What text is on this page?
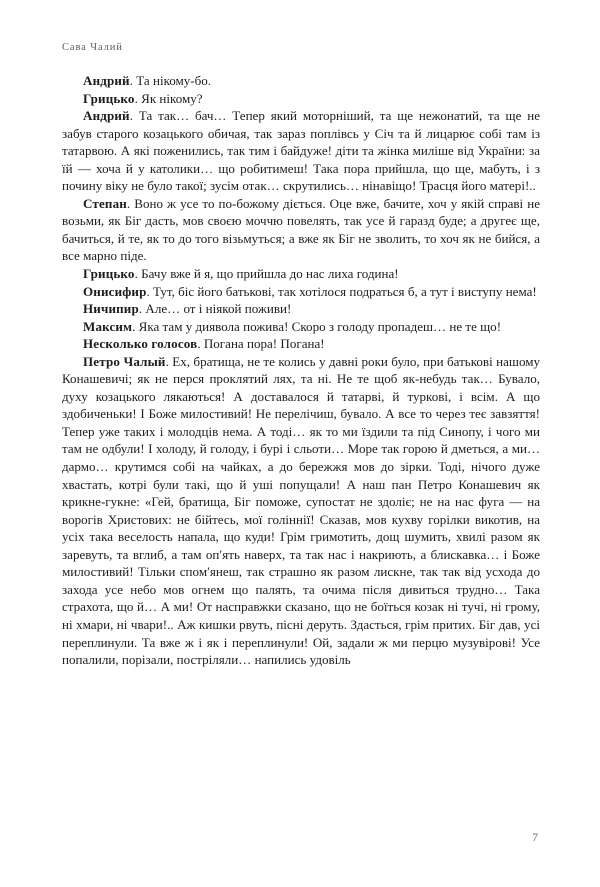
Сава Чалий

Андрий. Та нікому-бо.

Грицько. Як нікому?

Андрий. Та так… бач… Тепер який моторніший, та ще нежонатий, та ще не забув старого козацького обичая, так зараз поплівсь у Січ та й лицарює собі там із татарвою. А які поженились, так тим і байдуже! діти та жінка миліше від України: за їй — хоча й у католики… що робитимеш! Така пора прийшла, що ще, мабуть, і з почину віку не було такої; зусім отак… скрутились… нінавіщо! Трасця його матері!..

Степан. Воно ж усе то по-божому діється. Оце вже, бачите, хоч у якій справі не возьми, як Біг дасть, мов своєю моччю повелять, так усе й гаразд буде; а другеє ще, бачиться, й те, як то до того візьмуться; а вже як Біг не зволить, то хоч як не бийся, а все марно піде.

Грицько. Бачу вже й я, що прийшла до нас лиха година!

Онисифир. Тут, біс його батькові, так хотілося подраться б, а тут і виступу нема!

Ничипир. Але… от і ніякой поживи!

Максим. Яка там у диявола пожива! Скоро з голоду пропадеш… не те що!

Несколько голосов. Погана пора! Погана!

Петро Чалый. Ех, братища, не те колись у давні роки було, при батькові нашому Конашевичі; як не перся проклятий лях, та ні. Не те щоб як-небудь так… Бувало, духу козацького лякаються! А доставалося й татарві, й туркові, і всім. А що здобиченьки! І Боже милостивий! Не перелічиш, бувало. А все то через теє завзяття! Тепер уже таких і молодців нема. А тоді… як то ми їздили та під Синопу, і чого ми там не одбули! І холоду, й голоду, і бурі і сльоти… Море так горою й дметься, а ми… дармо… крутимся собі на чайках, а до бережжя мов до зірки. Тоді, нічого дуже хвастать, котрі були такі, що й уші попущали! А наш пан Петро Конашевич як крикне-гукне: «Гей, братища, Біг поможе, супостат не здоліє; не на нас фуга — на ворогів Христових: не бійтесь, мої голіннії! Сказав, мов кухву горілки викотив, на усіх така веселость напала, що куди! Грім гримотить, дощ шумить, хвилі разом як заревуть, та вглиб, а там оп′ять наверх, та так нас і накриють, а блискавка… і Боже милостивий! Тільки спом′янеш, так страшно як разом лискне, так так від усхода до захода усе небо мов огнем що палять, та очима після дивиться трудно… Така страхота, що й… А ми! От насправжки сказано, що не боїться козак ні тучі, ні грому, ні хмари, ні чвари!.. Аж кишки рвуть, пісні деруть. Здасться, грім притих. Біг дав, усі переплинули. Та вже ж і як і переплинули! Ой, задали ж ми перцю музувірові! Усе попалили, порізали, постріляли… напились удовіль

7
